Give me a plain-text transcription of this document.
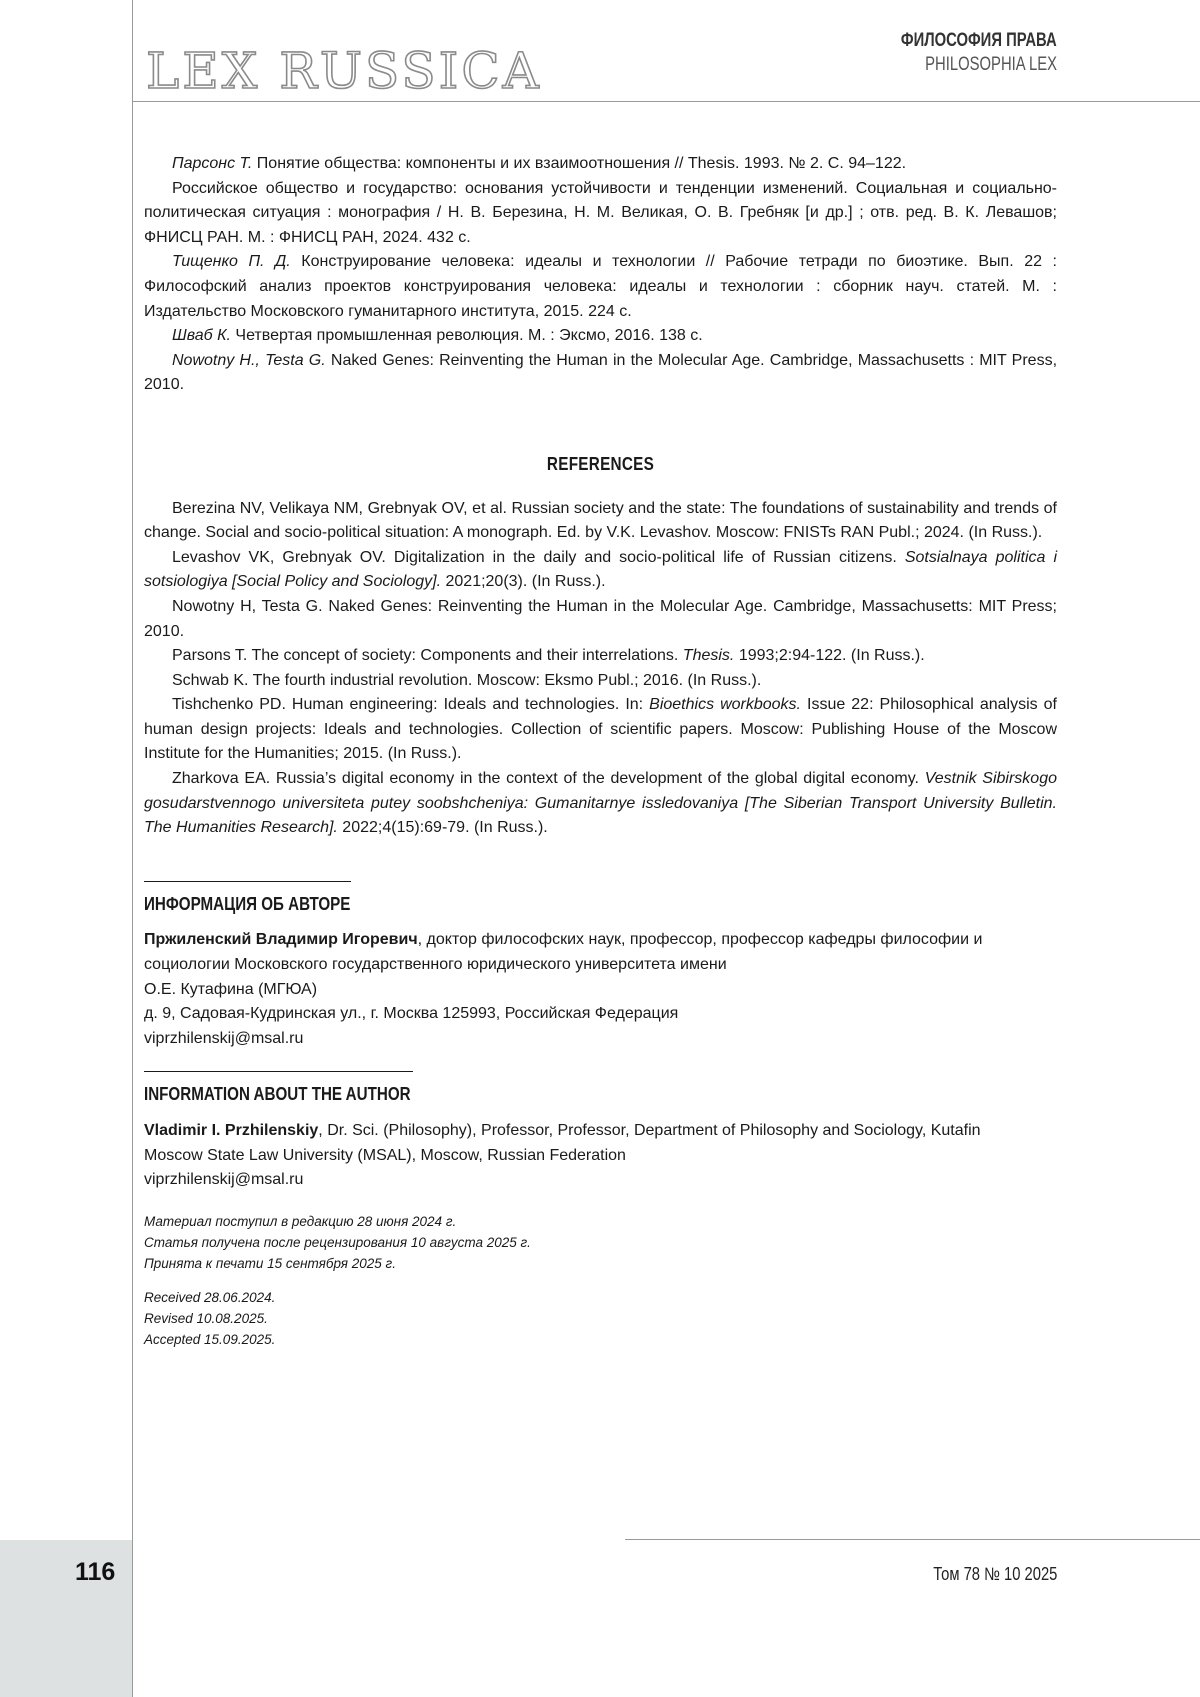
LEX RUSSICA
ФИЛОСОФИЯ ПРАВА
PHILOSOPHIA LEX

Парсонс Т. Понятие общества: компоненты и их взаимоотношения // Thesis. 1993. № 2. С. 94–122.

Российское общество и государство: основания устойчивости и тенденции изменений. Социальная и социально-политическая ситуация : монография / Н. В. Березина, Н. М. Великая, О. В. Гребняк [и др.] ; отв. ред. В. К. Левашов; ФНИСЦ РАН. М. : ФНИСЦ РАН, 2024. 432 с.

Тищенко П. Д. Конструирование человека: идеалы и технологии // Рабочие тетради по биоэтике. Вып. 22 : Философский анализ проектов конструирования человека: идеалы и технологии : сборник науч. статей. М. : Издательство Московского гуманитарного института, 2015. 224 с.

Шваб К. Четвертая промышленная революция. М. : Эксмо, 2016. 138 с.

Nowotny H., Testa G. Naked Genes: Reinventing the Human in the Molecular Age. Cambridge, Massachusetts : MIT Press, 2010.

REFERENCES

Berezina NV, Velikaya NM, Grebnyak OV, et al. Russian society and the state: The foundations of sustainability and trends of change. Social and socio-political situation: A monograph. Ed. by V.K. Levashov. Moscow: FNISTs RAN Publ.; 2024. (In Russ.).

Levashov VK, Grebnyak OV. Digitalization in the daily and socio-political life of Russian citizens. Sotsialnaya politica i sotsiologiya [Social Policy and Sociology]. 2021;20(3). (In Russ.).

Nowotny H, Testa G. Naked Genes: Reinventing the Human in the Molecular Age. Cambridge, Massachusetts: MIT Press; 2010.

Parsons T. The concept of society: Components and their interrelations. Thesis. 1993;2:94-122. (In Russ.).

Schwab K. The fourth industrial revolution. Moscow: Eksmo Publ.; 2016. (In Russ.).

Tishchenko PD. Human engineering: Ideals and technologies. In: Bioethics workbooks. Issue 22: Philosophical analysis of human design projects: Ideals and technologies. Collection of scientific papers. Moscow: Publishing House of the Moscow Institute for the Humanities; 2015. (In Russ.).

Zharkova EA. Russia’s digital economy in the context of the development of the global digital economy. Vestnik Sibirskogo gosudarstvennogo universiteta putey soobshcheniya: Gumanitarnye issledovaniya [The Siberian Transport University Bulletin. The Humanities Research]. 2022;4(15):69-79. (In Russ.).

ИНФОРМАЦИЯ ОБ АВТОРЕ

Пржиленский Владимир Игоревич, доктор философских наук, профессор, профессор кафедры философии и социологии Московского государственного юридического университета имени

О.Е. Кутафина (МГЮА)

д. 9, Садовая-Кудринская ул., г. Москва 125993, Российская Федерация

viprzhilenskij@msal.ru

INFORMATION ABOUT THE AUTHOR

Vladimir I. Przhilenskiy, Dr. Sci. (Philosophy), Professor, Professor, Department of Philosophy and Sociology, Kutafin Moscow State Law University (MSAL), Moscow, Russian Federation

viprzhilenskij@msal.ru

Материал поступил в редакцию 28 июня 2024 г.

Статья получена после рецензирования 10 августа 2025 г.

Принята к печати 15 сентября 2025 г.

Received 28.06.2024.

Revised 10.08.2025.

Accepted 15.09.2025.

116	Том 78 № 10 2025
